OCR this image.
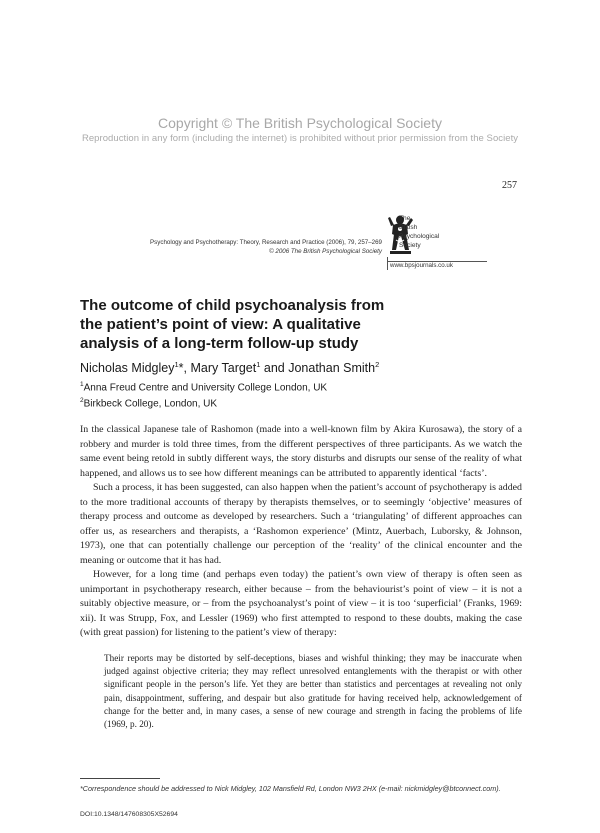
Copyright © The British Psychological Society
Reproduction in any form (including the internet) is prohibited without prior permission from the Society
257
Psychology and Psychotherapy: Theory, Research and Practice (2006), 79, 257–269
© 2006 The British Psychological Society
The
British
Psychological
Society
www.bpsjournals.co.uk
The outcome of child psychoanalysis from
the patient’s point of view: A qualitative
analysis of a long-term follow-up study
Nicholas Midgley$^1$*, Mary Target$^1$ and Jonathan Smith$^2$
$^1$Anna Freud Centre and University College London, UK
$^2$Birkbeck College, London, UK

In the classical Japanese tale of Rashomon (made into a well-known film by Akira Kurosawa), the story of a robbery and murder is told three times, from the different perspectives of three participants. As we watch the same event being retold in subtly different ways, the story disturbs and disrupts our sense of the reality of what happened, and allows us to see how different meanings can be attributed to apparently identical ‘facts’.

Such a process, it has been suggested, can also happen when the patient’s account of psychotherapy is added to the more traditional accounts of therapy by therapists themselves, or to seemingly ‘objective’ measures of therapy process and outcome as developed by researchers. Such a ‘triangulating’ of different approaches can offer us, as researchers and therapists, a ‘Rashomon experience’ (Mintz, Auerbach, Luborsky, & Johnson, 1973), one that can potentially challenge our perception of the ‘reality’ of the clinical encounter and the meaning or outcome that it has had.

However, for a long time (and perhaps even today) the patient’s own view of therapy is often seen as unimportant in psychotherapy research, either because – from the behaviourist’s point of view – it is not a suitably objective measure, or – from the psychoanalyst’s point of view – it is too ‘superficial’ (Franks, 1969: xii). It was Strupp, Fox, and Lessler (1969) who first attempted to respond to these doubts, making the case (with great passion) for listening to the patient’s view of therapy:

Their reports may be distorted by self-deceptions, biases and wishful thinking; they may be inaccurate when judged against objective criteria; they may reflect unresolved entanglements with the therapist or with other significant people in the person’s life. Yet they are better than statistics and percentages at revealing not only pain, disappointment, suffering, and despair but also gratitude for having received help, acknowledgement of change for the better and, in many cases, a sense of new courage and strength in facing the problems of life (1969, p. 20).
*Correspondence should be addressed to Nick Midgley, 102 Mansfield Rd, London NW3 2HX (e-mail: nickmidgley@btconnect.com).
DOI:10.1348/147608305X52694
